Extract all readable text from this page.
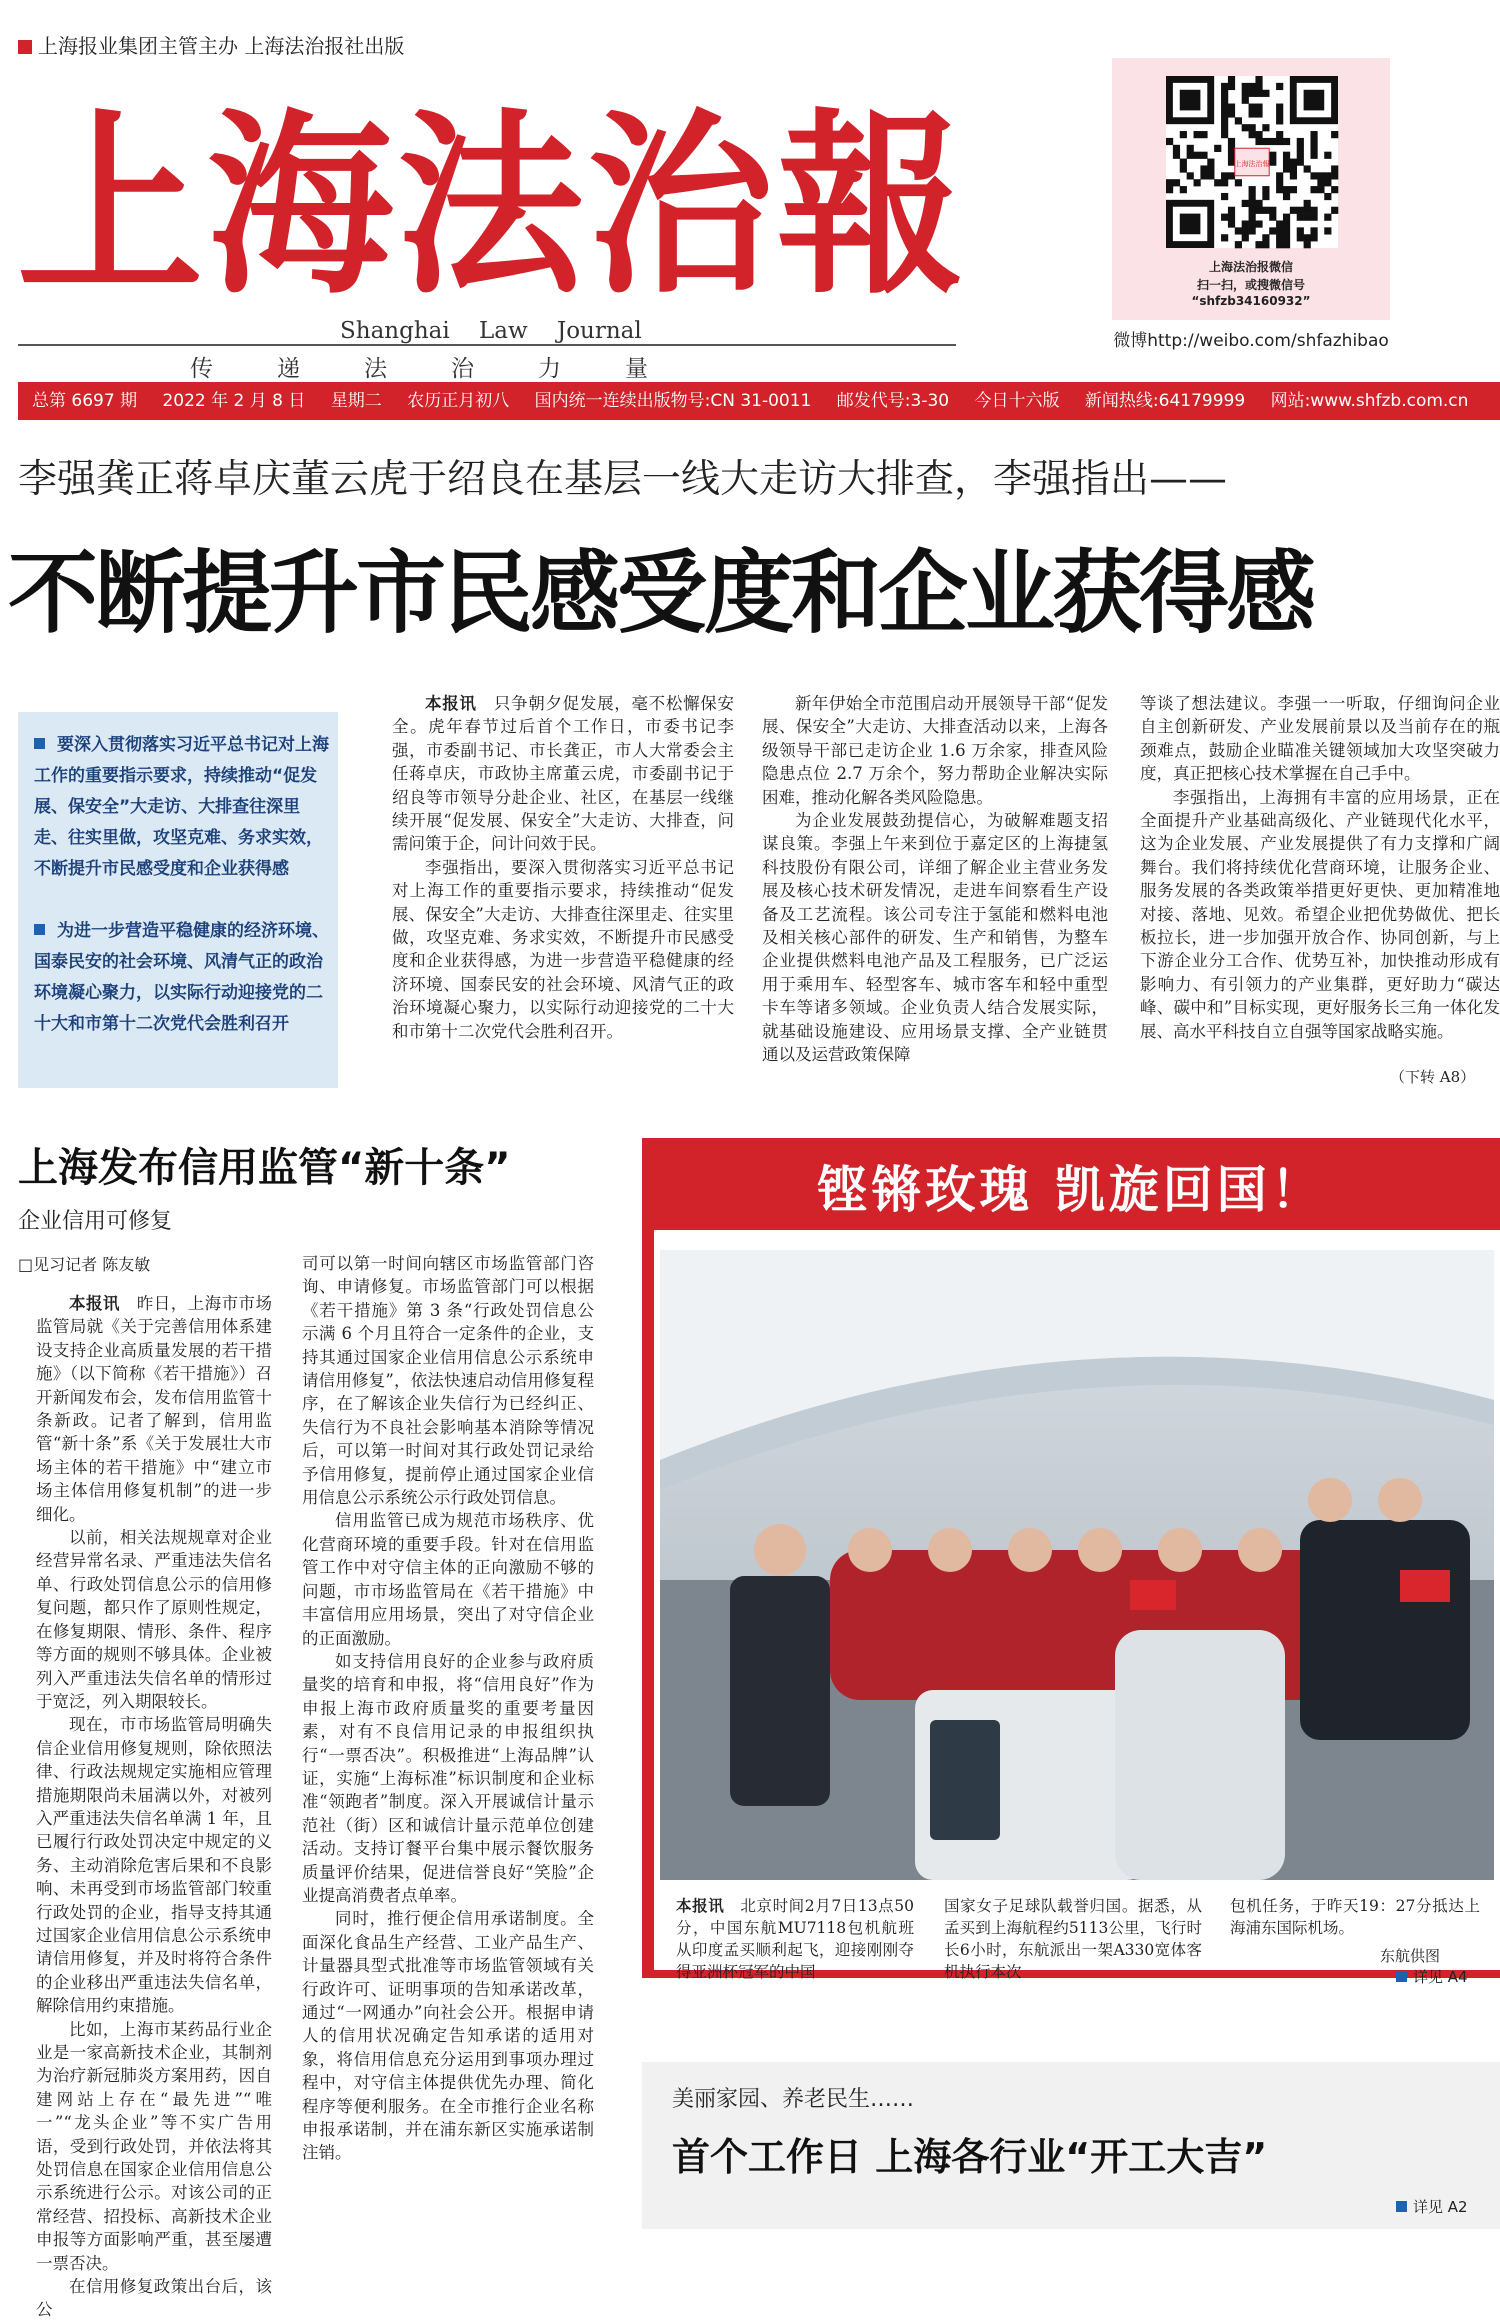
上海报业集团主管主办 上海法治报社出版
上海法治報
Shanghai Law Journal
传递法治力量
上海法治報
上海法治报微信
扫一扫，或搜微信号
“shfzb34160932”
微博http://weibo.com/shfazhibao
总第 6697 期 2022 年 2 月 8 日 星期二 农历正月初八 国内统一连续出版物号:CN 31-0011 邮发代号:3-30 今日十六版 新闻热线:64179999 网站:www.shfzb.com.cn
李强龚正蒋卓庆董云虎于绍良在基层一线大走访大排查，李强指出——
不断提升市民感受度和企业获得感
要深入贯彻落实习近平总书记对上海工作的重要指示要求，持续推动“促发展、保安全”大走访、大排查往深里走、往实里做，攻坚克难、务求实效，不断提升市民感受度和企业获得感
为进一步营造平稳健康的经济环境、国泰民安的社会环境、风清气正的政治环境凝心聚力，以实际行动迎接党的二十大和市第十二次党代会胜利召开

本报讯  只争朝夕促发展，毫不松懈保安全。虎年春节过后首个工作日，市委书记李强，市委副书记、市长龚正，市人大常委会主任蒋卓庆，市政协主席董云虎，市委副书记于绍良等市领导分赴企业、社区，在基层一线继续开展“促发展、保安全”大走访、大排查，问需问策于企，问计问效于民。

李强指出，要深入贯彻落实习近平总书记对上海工作的重要指示要求，持续推动“促发展、保安全”大走访、大排查往深里走、往实里做，攻坚克难、务求实效，不断提升市民感受度和企业获得感，为进一步营造平稳健康的经济环境、国泰民安的社会环境、风清气正的政治环境凝心聚力，以实际行动迎接党的二十大和市第十二次党代会胜利召开。

新年伊始全市范围启动开展领导干部“促发展、保安全”大走访、大排查活动以来，上海各级领导干部已走访企业 1.6 万余家，排查风险隐患点位 2.7 万余个，努力帮助企业解决实际困难，推动化解各类风险隐患。

为企业发展鼓劲提信心，为破解难题支招谋良策。李强上午来到位于嘉定区的上海捷氢科技股份有限公司，详细了解企业主营业务发展及核心技术研发情况，走进车间察看生产设备及工艺流程。该公司专注于氢能和燃料电池及相关核心部件的研发、生产和销售，为整车企业提供燃料电池产品及工程服务，已广泛运用于乘用车、轻型客车、城市客车和轻中重型卡车等诸多领域。企业负责人结合发展实际，就基础设施建设、应用场景支撑、全产业链贯通以及运营政策保障

等谈了想法建议。李强一一听取，仔细询问企业自主创新研发、产业发展前景以及当前存在的瓶颈难点，鼓励企业瞄准关键领域加大攻坚突破力度，真正把核心技术掌握在自己手中。

李强指出，上海拥有丰富的应用场景，正在全面提升产业基础高级化、产业链现代化水平，这为企业发展、产业发展提供了有力支撑和广阔舞台。我们将持续优化营商环境，让服务企业、服务发展的各类政策举措更好更快、更加精准地对接、落地、见效。希望企业把优势做优、把长板拉长，进一步加强开放合作、协同创新，与上下游企业分工合作、优势互补，加快推动形成有影响力、有引领力的产业集群，更好助力“碳达峰、碳中和”目标实现，更好服务长三角一体化发展、高水平科技自立自强等国家战略实施。

（下转 A8）
上海发布信用监管“新十条”
企业信用可修复
□见习记者 陈友敏

本报讯  昨日，上海市市场监管局就《关于完善信用体系建设支持企业高质量发展的若干措施》（以下简称《若干措施》）召开新闻发布会，发布信用监管十条新政。记者了解到，信用监管“新十条”系《关于发展壮大市场主体的若干措施》中“建立市场主体信用修复机制”的进一步细化。

以前，相关法规规章对企业经营异常名录、严重违法失信名单、行政处罚信息公示的信用修复问题，都只作了原则性规定，在修复期限、情形、条件、程序等方面的规则不够具体。企业被列入严重违法失信名单的情形过于宽泛，列入期限较长。

现在，市市场监管局明确失信企业信用修复规则，除依照法律、行政法规规定实施相应管理措施期限尚未届满以外，对被列入严重违法失信名单满 1 年，且已履行行政处罚决定中规定的义务、主动消除危害后果和不良影响、未再受到市场监管部门较重行政处罚的企业，指导支持其通过国家企业信用信息公示系统申请信用修复，并及时将符合条件的企业移出严重违法失信名单，解除信用约束措施。

比如，上海市某药品行业企业是一家高新技术企业，其制剂为治疗新冠肺炎方案用药，因自建网站上存在“最先进”“唯一”“龙头企业”等不实广告用语，受到行政处罚，并依法将其处罚信息在国家企业信用信息公示系统进行公示。对该公司的正常经营、招投标、高新技术企业申报等方面影响严重，甚至屡遭一票否决。

在信用修复政策出台后，该公

司可以第一时间向辖区市场监管部门咨询、申请修复。市场监管部门可以根据《若干措施》第 3 条“行政处罚信息公示满 6 个月且符合一定条件的企业，支持其通过国家企业信用信息公示系统申请信用修复”，依法快速启动信用修复程序，在了解该企业失信行为已经纠正、失信行为不良社会影响基本消除等情况后，可以第一时间对其行政处罚记录给予信用修复，提前停止通过国家企业信用信息公示系统公示行政处罚信息。

信用监管已成为规范市场秩序、优化营商环境的重要手段。针对在信用监管工作中对守信主体的正向激励不够的问题，市市场监管局在《若干措施》中丰富信用应用场景，突出了对守信企业的正面激励。

如支持信用良好的企业参与政府质量奖的培育和申报，将“信用良好”作为申报上海市政府质量奖的重要考量因素，对有不良信用记录的申报组织执行“一票否决”。积极推进“上海品牌”认证，实施“上海标准”标识制度和企业标准“领跑者”制度。深入开展诚信计量示范社（街）区和诚信计量示范单位创建活动。支持订餐平台集中展示餐饮服务质量评价结果，促进信誉良好“笑脸”企业提高消费者点单率。

同时，推行便企信用承诺制度。全面深化食品生产经营、工业产品生产、计量器具型式批准等市场监管领域有关行政许可、证明事项的告知承诺改革，通过“一网通办”向社会公开。根据申请人的信用状况确定告知承诺的适用对象，将信用信息充分运用到事项办理过程中，对守信主体提供优先办理、简化程序等便利服务。在全市推行企业名称申报承诺制，并在浦东新区实施承诺制注销。

铿锵玫瑰 凯旋回国！

本报讯  北京时间2月7日13点50分，中国东航MU7118包机航班从印度孟买顺利起飞，迎接刚刚夺得亚洲杯冠军的中国

国家女子足球队载誉归国。据悉，从孟买到上海航程约5113公里，飞行时长6小时，东航派出一架A330宽体客机执行本次

包机任务，于昨天19：27分抵达上海浦东国际机场。

东航供图
详见 A4
美丽家园、养老民生……
首个工作日 上海各行业“开工大吉”
详见 A2
